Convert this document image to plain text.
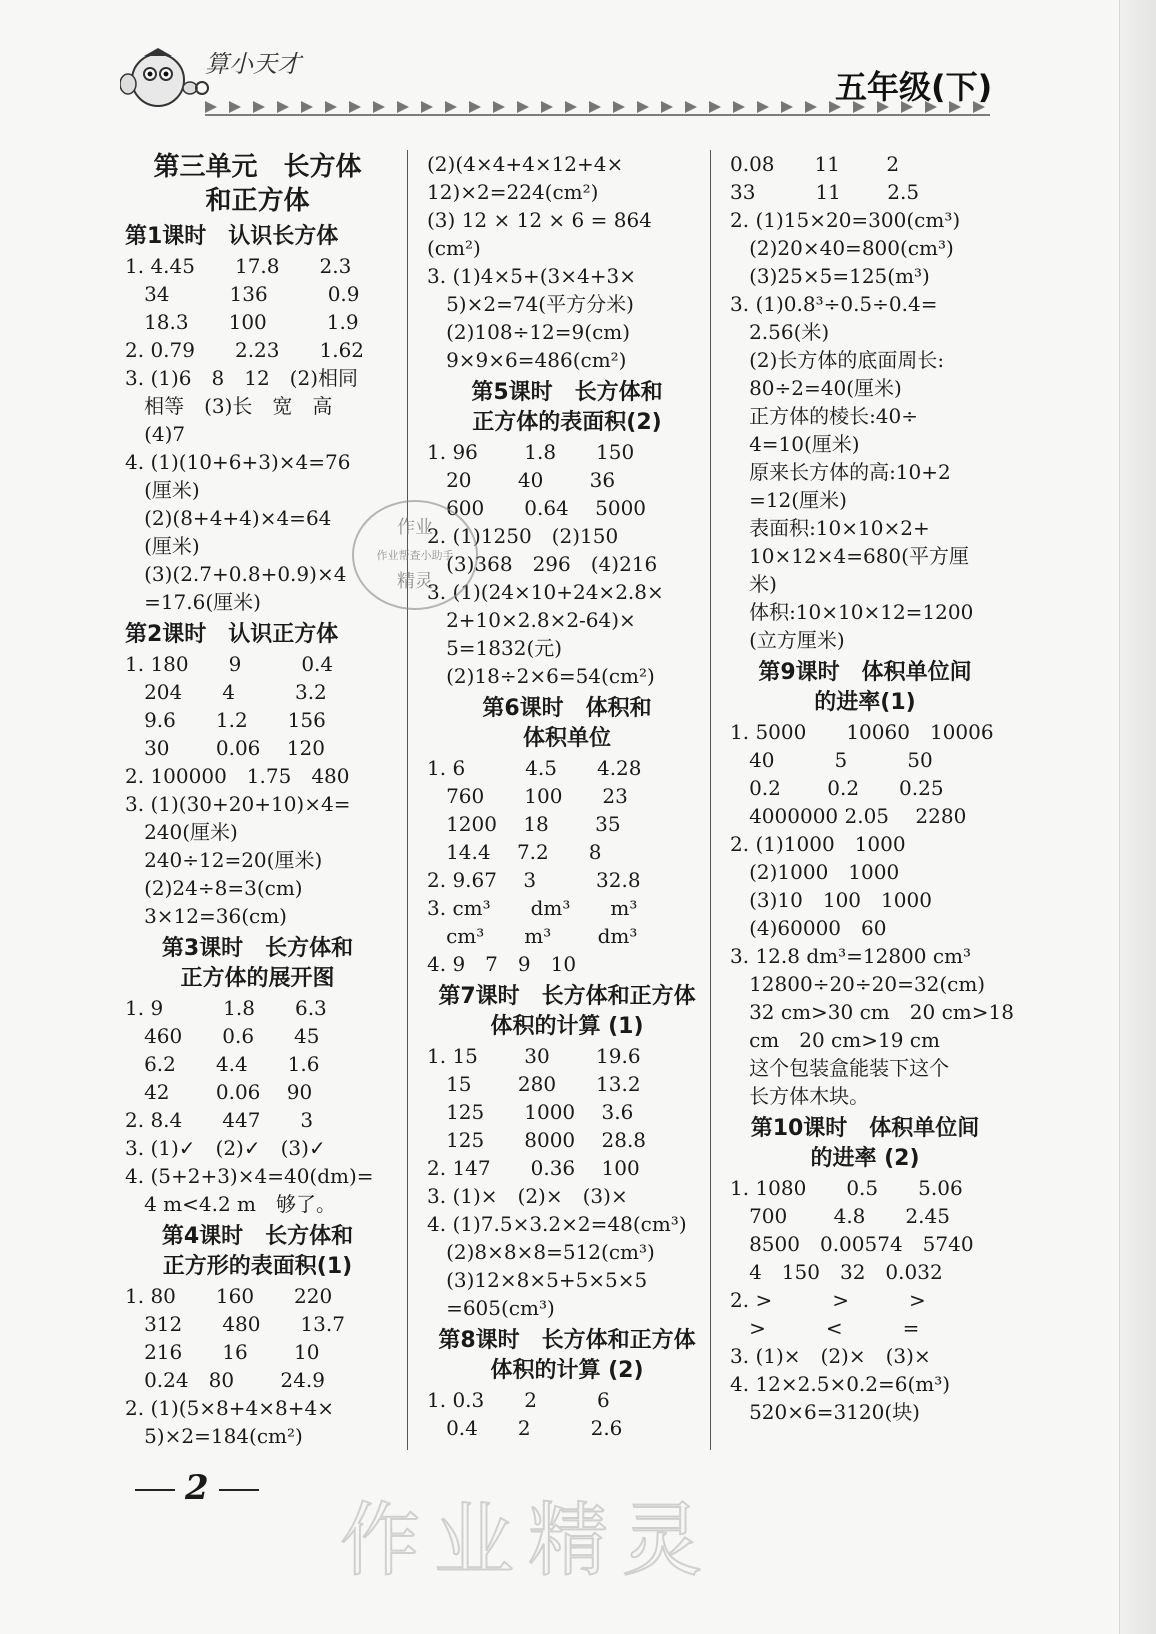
算小天才
五年级(下)
第三单元　长方体
和正方体
第1课时　认识长方体
1. 4.45　　17.8　　2.3
34　　　136　　　0.9
18.3　　100　　　1.9
2. 0.79　　2.23　　1.62
3. (1)6　8　12　(2)相同
相等　(3)长　宽　高
(4)7
4. (1)(10+6+3)×4=76
(厘米)
(2)(8+4+4)×4=64
(厘米)
(3)(2.7+0.8+0.9)×4
=17.6(厘米)
第2课时　认识正方体
1. 180　　9　　　0.4
204　　4　　　3.2
9.6　　1.2　　156
30　　 0.06　 120
2. 100000　1.75　480
3. (1)(30+20+10)×4=
240(厘米)
240÷12=20(厘米)
(2)24÷8=3(cm)
3×12=36(cm)
第3课时　长方体和
正方体的展开图
1. 9　　　1.8　　6.3
460　　0.6　　45
6.2　　4.4　　1.6
42　　 0.06　 90
2. 8.4　　447　　3
3. (1)✓　(2)✓　(3)✓
4. (5+2+3)×4=40(dm)=
4 m<4.2 m　够了。
第4课时　长方体和
正方形的表面积(1)
1. 80　　160　　220
312　　480　　13.7
216　　16　　 10
0.24　80　　 24.9
2. (1)(5×8+4×8+4×
5)×2=184(cm²)
(2)(4×4+4×12+4×
12)×2=224(cm²)
(3) 12 × 12 × 6 = 864
(cm²)
3. (1)4×5+(3×4+3×
5)×2=74(平方分米)
(2)108÷12=9(cm)
9×9×6=486(cm²)
第5课时　长方体和
正方体的表面积(2)
1. 96　　 1.8　　150
20　　 40　　 36
600　　0.64　 5000
2. (1)1250　(2)150
(3)368　296　(4)216
3. (1)(24×10+24×2.8×
2+10×2.8×2-64)×
5=1832(元)
(2)18÷2×6=54(cm²)
第6课时　体积和
体积单位
1. 6　　　4.5　　4.28
760　　100　　23
1200　 18　　 35
14.4　 7.2　　8
2. 9.67　 3　　　32.8
3. cm³　　dm³　　m³
cm³　　m³　　 dm³
4. 9　7　9　10
第7课时　长方体和正方体
体积的计算 (1)
1. 15　　 30　　 19.6
15　　 280　　13.2
125　　1000　 3.6
125　　8000　 28.8
2. 147　　0.36　 100
3. (1)×　(2)×　(3)×
4. (1)7.5×3.2×2=48(cm³)
(2)8×8×8=512(cm³)
(3)12×8×5+5×5×5
=605(cm³)
第8课时　长方体和正方体
体积的计算 (2)
1. 0.3　　2　　　6
0.4　　2　　　2.6
0.08　　11　　 2
33　　　11　　 2.5
2. (1)15×20=300(cm³)
(2)20×40=800(cm³)
(3)25×5=125(m³)
3. (1)0.8³÷0.5÷0.4=
2.56(米)
(2)长方体的底面周长:
80÷2=40(厘米)
正方体的棱长:40÷
4=10(厘米)
原来长方体的高:10+2
=12(厘米)
表面积:10×10×2+
10×12×4=680(平方厘
米)
体积:10×10×12=1200
(立方厘米)
第9课时　体积单位间
的进率(1)
1. 5000　　10060　10006
40　　　5　　　50
0.2　　 0.2　　0.25
4000000 2.05　 2280
2. (1)1000　1000
(2)1000　1000
(3)10　100　1000
(4)60000　60
3. 12.8 dm³=12800 cm³
12800÷20÷20=32(cm)
32 cm>30 cm　20 cm>18
cm　20 cm>19 cm
这个包装盒能装下这个
长方体木块。
第10课时　体积单位间
的进率 (2)
1. 1080　　0.5　　5.06
700　　 4.8　　2.45
8500　0.00574　5740
4　150　32　0.032
2. >　　　>　　　>
>　　　<　　　=
3. (1)×　(2)×　(3)×
4. 12×2.5×0.2=6(m³)
520×6=3120(块)
作业
作业帮查小助手
精灵
2
作业精灵
